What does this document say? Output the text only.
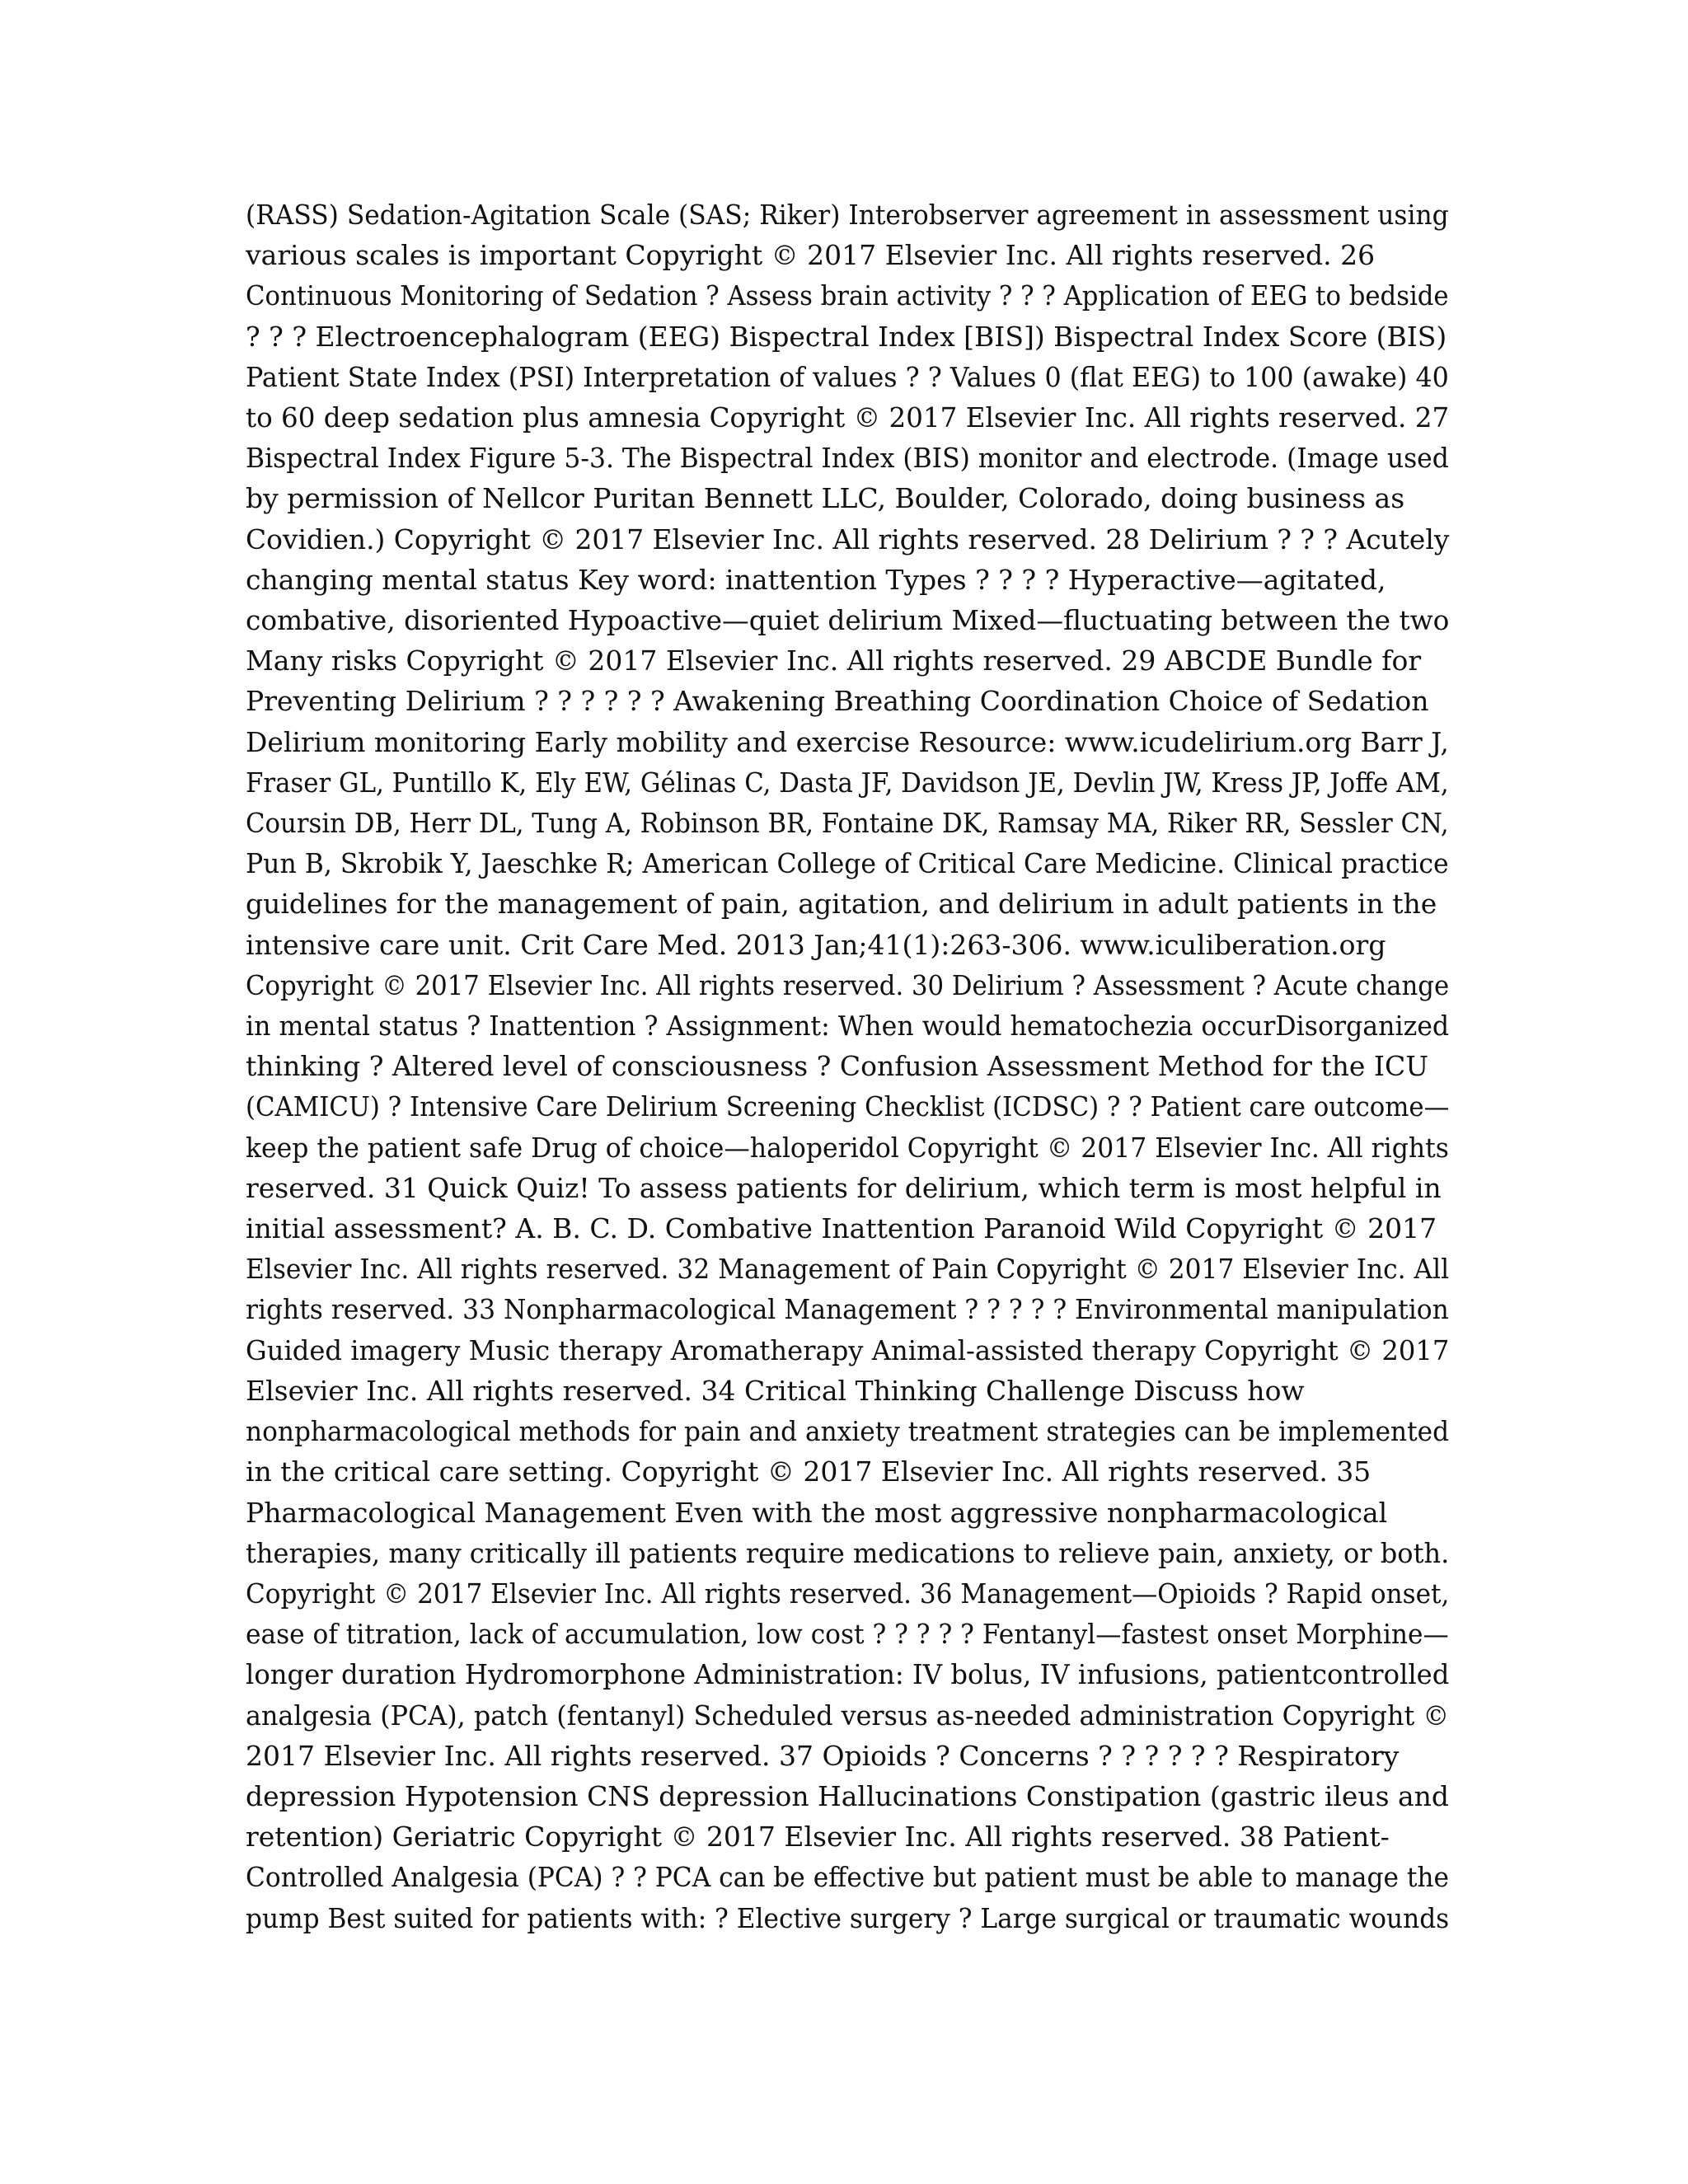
(RASS) Sedation-Agitation Scale (SAS; Riker) Interobserver agreement in assessment using
various scales is important Copyright © 2017 Elsevier Inc. All rights reserved. 26
Continuous Monitoring of Sedation ? Assess brain activity ? ? ? Application of EEG to bedside
? ? ? Electroencephalogram (EEG) Bispectral Index [BIS]) Bispectral Index Score (BIS)
Patient State Index (PSI) Interpretation of values ? ? Values 0 (flat EEG) to 100 (awake) 40
to 60 deep sedation plus amnesia Copyright © 2017 Elsevier Inc. All rights reserved. 27
Bispectral Index Figure 5-3. The Bispectral Index (BIS) monitor and electrode. (Image used
by permission of Nellcor Puritan Bennett LLC, Boulder, Colorado, doing business as
Covidien.) Copyright © 2017 Elsevier Inc. All rights reserved. 28 Delirium ? ? ? Acutely
changing mental status Key word: inattention Types ? ? ? ? Hyperactive—agitated,
combative, disoriented Hypoactive—quiet delirium Mixed—fluctuating between the two
Many risks Copyright © 2017 Elsevier Inc. All rights reserved. 29 ABCDE Bundle for
Preventing Delirium ? ? ? ? ? ? Awakening Breathing Coordination Choice of Sedation
Delirium monitoring Early mobility and exercise Resource: www.icudelirium.org Barr J,
Fraser GL, Puntillo K, Ely EW, Gélinas C, Dasta JF, Davidson JE, Devlin JW, Kress JP, Joffe AM,
Coursin DB, Herr DL, Tung A, Robinson BR, Fontaine DK, Ramsay MA, Riker RR, Sessler CN,
Pun B, Skrobik Y, Jaeschke R; American College of Critical Care Medicine. Clinical practice
guidelines for the management of pain, agitation, and delirium in adult patients in the
intensive care unit. Crit Care Med. 2013 Jan;41(1):263-306. www.iculiberation.org
Copyright © 2017 Elsevier Inc. All rights reserved. 30 Delirium ? Assessment ? Acute change
in mental status ? Inattention ? Assignment: When would hematochezia occurDisorganized
thinking ? Altered level of consciousness ? Confusion Assessment Method for the ICU
(CAMICU) ? Intensive Care Delirium Screening Checklist (ICDSC) ? ? Patient care outcome—
keep the patient safe Drug of choice—haloperidol Copyright © 2017 Elsevier Inc. All rights
reserved. 31 Quick Quiz! To assess patients for delirium, which term is most helpful in
initial assessment? A. B. C. D. Combative Inattention Paranoid Wild Copyright © 2017
Elsevier Inc. All rights reserved. 32 Management of Pain Copyright © 2017 Elsevier Inc. All
rights reserved. 33 Nonpharmacological Management ? ? ? ? ? Environmental manipulation
Guided imagery Music therapy Aromatherapy Animal-assisted therapy Copyright © 2017
Elsevier Inc. All rights reserved. 34 Critical Thinking Challenge Discuss how
nonpharmacological methods for pain and anxiety treatment strategies can be implemented
in the critical care setting. Copyright © 2017 Elsevier Inc. All rights reserved. 35
Pharmacological Management Even with the most aggressive nonpharmacological
therapies, many critically ill patients require medications to relieve pain, anxiety, or both.
Copyright © 2017 Elsevier Inc. All rights reserved. 36 Management—Opioids ? Rapid onset,
ease of titration, lack of accumulation, low cost ? ? ? ? ? Fentanyl—fastest onset Morphine—
longer duration Hydromorphone Administration: IV bolus, IV infusions, patientcontrolled
analgesia (PCA), patch (fentanyl) Scheduled versus as-needed administration Copyright ©
2017 Elsevier Inc. All rights reserved. 37 Opioids ? Concerns ? ? ? ? ? ? Respiratory
depression Hypotension CNS depression Hallucinations Constipation (gastric ileus and
retention) Geriatric Copyright © 2017 Elsevier Inc. All rights reserved. 38 Patient-
Controlled Analgesia (PCA) ? ? PCA can be effective but patient must be able to manage the
pump Best suited for patients with: ? Elective surgery ? Large surgical or traumatic wounds
